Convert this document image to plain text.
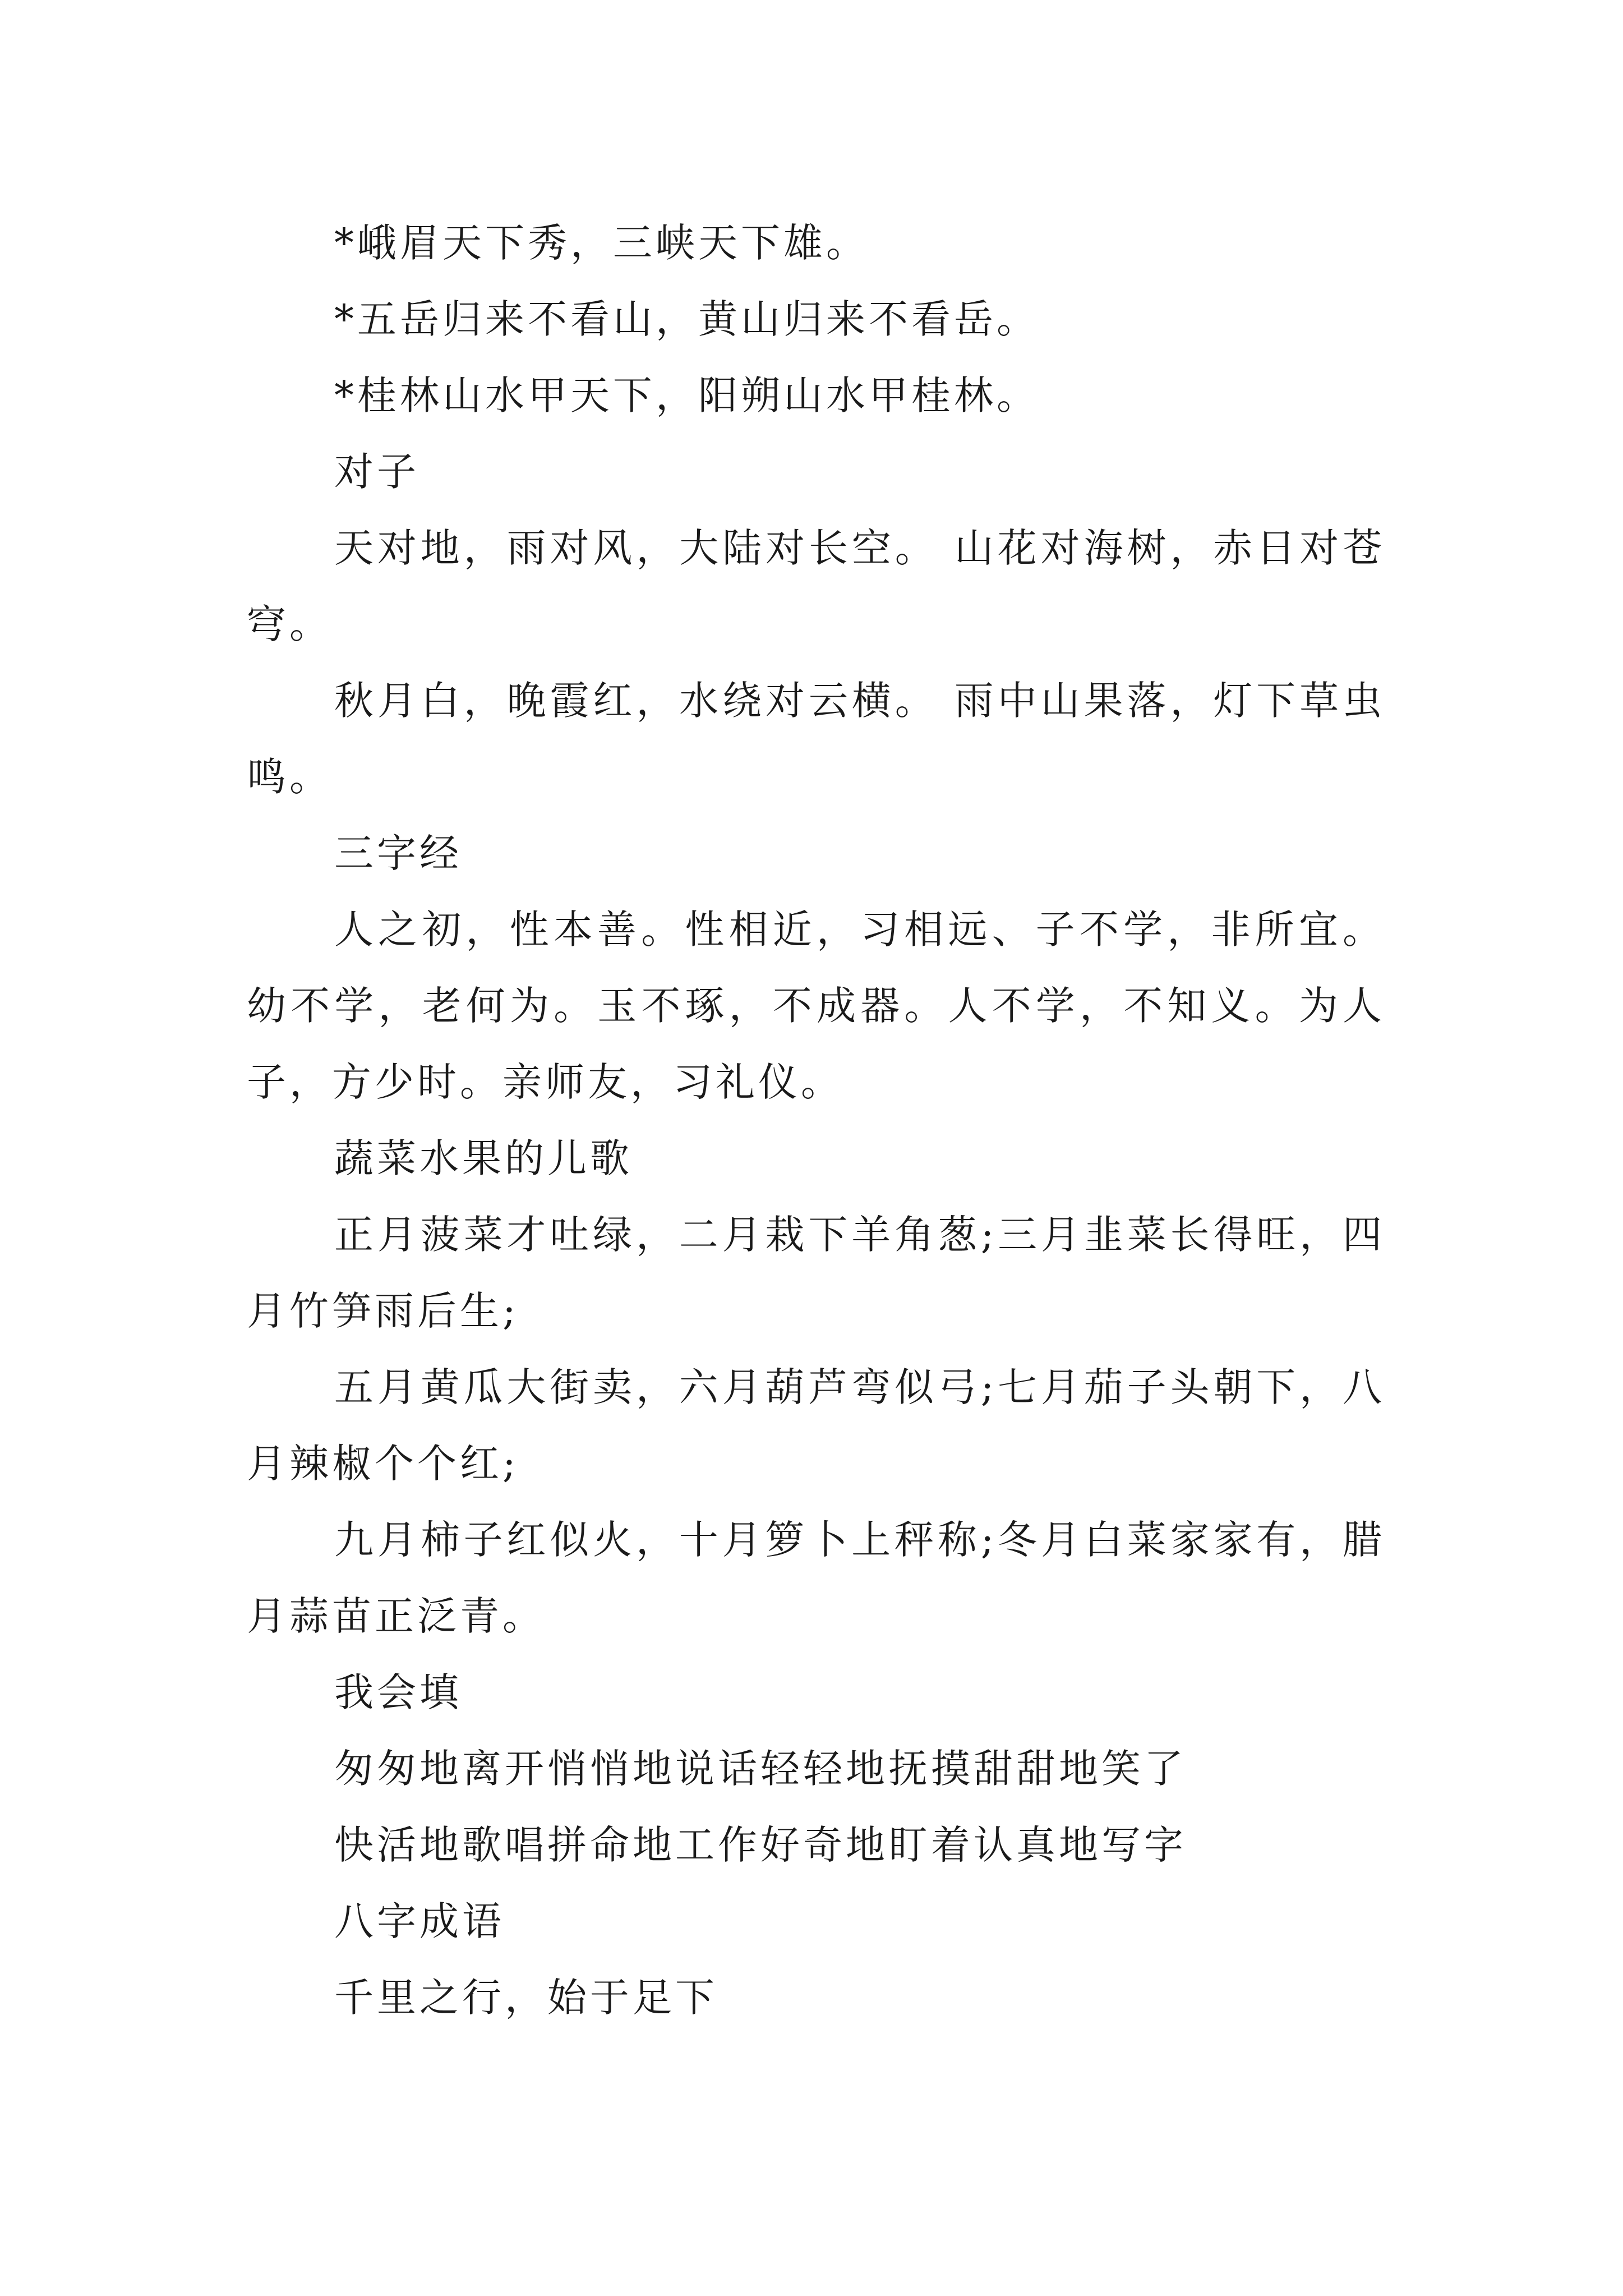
*峨眉天下秀，三峡天下雄。

*五岳归来不看山，黄山归来不看岳。

*桂林山水甲天下，阳朔山水甲桂林。

对子

天对地，雨对风，大陆对长空。 山花对海树，赤日对苍穹。

秋月白，晚霞红，水绕对云横。 雨中山果落，灯下草虫鸣。

三字经

人之初，性本善。性相近，习相远、子不学，非所宜。幼不学，老何为。玉不琢，不成器。人不学，不知义。为人子，方少时。亲师友，习礼仪。

蔬菜水果的儿歌

正月菠菜才吐绿，二月栽下羊角葱;三月韭菜长得旺，四月竹笋雨后生;

五月黄瓜大街卖，六月葫芦弯似弓;七月茄子头朝下，八月辣椒个个红;

九月柿子红似火，十月箩卜上秤称;冬月白菜家家有，腊月蒜苗正泛青。

我会填

匆匆地离开悄悄地说话轻轻地抚摸甜甜地笑了

快活地歌唱拼命地工作好奇地盯着认真地写字

八字成语

千里之行，始于足下
